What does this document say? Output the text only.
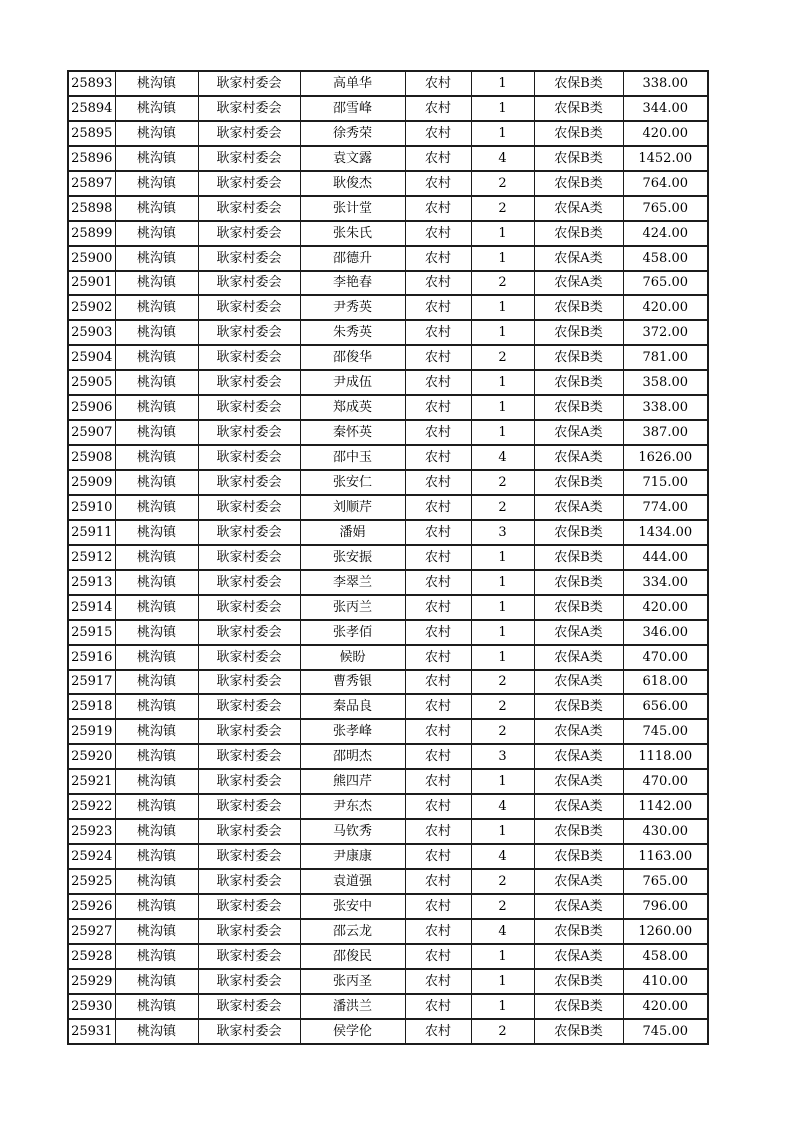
25893	桃沟镇	耿家村委会	高单华	农村	1	农保B类	338.00
25894	桃沟镇	耿家村委会	邵雪峰	农村	1	农保B类	344.00
25895	桃沟镇	耿家村委会	徐秀荣	农村	1	农保B类	420.00
25896	桃沟镇	耿家村委会	袁文露	农村	4	农保B类	1452.00
25897	桃沟镇	耿家村委会	耿俊杰	农村	2	农保B类	764.00
25898	桃沟镇	耿家村委会	张计堂	农村	2	农保A类	765.00
25899	桃沟镇	耿家村委会	张朱氏	农村	1	农保B类	424.00
25900	桃沟镇	耿家村委会	邵德升	农村	1	农保A类	458.00
25901	桃沟镇	耿家村委会	李艳春	农村	2	农保A类	765.00
25902	桃沟镇	耿家村委会	尹秀英	农村	1	农保B类	420.00
25903	桃沟镇	耿家村委会	朱秀英	农村	1	农保B类	372.00
25904	桃沟镇	耿家村委会	邵俊华	农村	2	农保B类	781.00
25905	桃沟镇	耿家村委会	尹成伍	农村	1	农保B类	358.00
25906	桃沟镇	耿家村委会	郑成英	农村	1	农保B类	338.00
25907	桃沟镇	耿家村委会	秦怀英	农村	1	农保A类	387.00
25908	桃沟镇	耿家村委会	邵中玉	农村	4	农保A类	1626.00
25909	桃沟镇	耿家村委会	张安仁	农村	2	农保B类	715.00
25910	桃沟镇	耿家村委会	刘顺芹	农村	2	农保A类	774.00
25911	桃沟镇	耿家村委会	潘娟	农村	3	农保B类	1434.00
25912	桃沟镇	耿家村委会	张安振	农村	1	农保B类	444.00
25913	桃沟镇	耿家村委会	李翠兰	农村	1	农保B类	334.00
25914	桃沟镇	耿家村委会	张丙兰	农村	1	农保B类	420.00
25915	桃沟镇	耿家村委会	张孝佰	农村	1	农保A类	346.00
25916	桃沟镇	耿家村委会	候盼	农村	1	农保A类	470.00
25917	桃沟镇	耿家村委会	曹秀银	农村	2	农保A类	618.00
25918	桃沟镇	耿家村委会	秦品良	农村	2	农保B类	656.00
25919	桃沟镇	耿家村委会	张孝峰	农村	2	农保A类	745.00
25920	桃沟镇	耿家村委会	邵明杰	农村	3	农保A类	1118.00
25921	桃沟镇	耿家村委会	熊四芹	农村	1	农保A类	470.00
25922	桃沟镇	耿家村委会	尹东杰	农村	4	农保A类	1142.00
25923	桃沟镇	耿家村委会	马钦秀	农村	1	农保B类	430.00
25924	桃沟镇	耿家村委会	尹康康	农村	4	农保B类	1163.00
25925	桃沟镇	耿家村委会	袁道强	农村	2	农保A类	765.00
25926	桃沟镇	耿家村委会	张安中	农村	2	农保A类	796.00
25927	桃沟镇	耿家村委会	邵云龙	农村	4	农保B类	1260.00
25928	桃沟镇	耿家村委会	邵俊民	农村	1	农保A类	458.00
25929	桃沟镇	耿家村委会	张丙圣	农村	1	农保B类	410.00
25930	桃沟镇	耿家村委会	潘洪兰	农村	1	农保B类	420.00
25931	桃沟镇	耿家村委会	侯学伦	农村	2	农保B类	745.00
